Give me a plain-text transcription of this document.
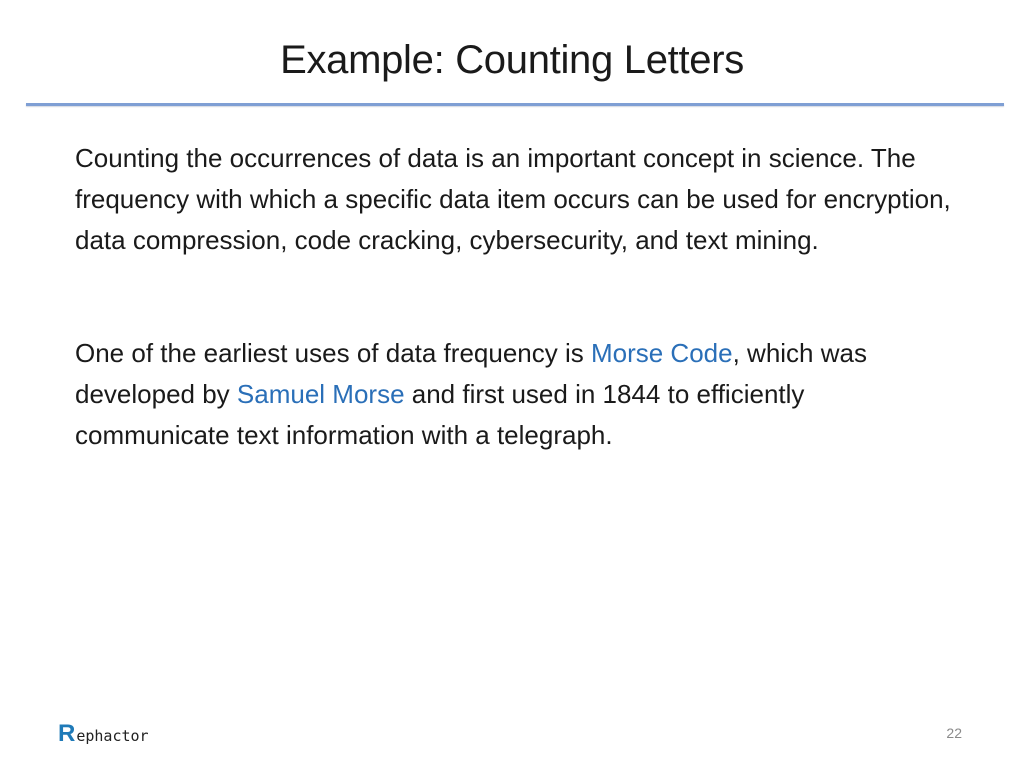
Example: Counting Letters

Counting the occurrences of data is an important concept in science. The frequency with which a specific data item occurs can be used for encryption, data compression, code cracking, cybersecurity, and text mining.

One of the earliest uses of data frequency is Morse Code, which was developed by Samuel Morse and first used in 1844 to efficiently communicate text information with a telegraph.

R ephactor	22
